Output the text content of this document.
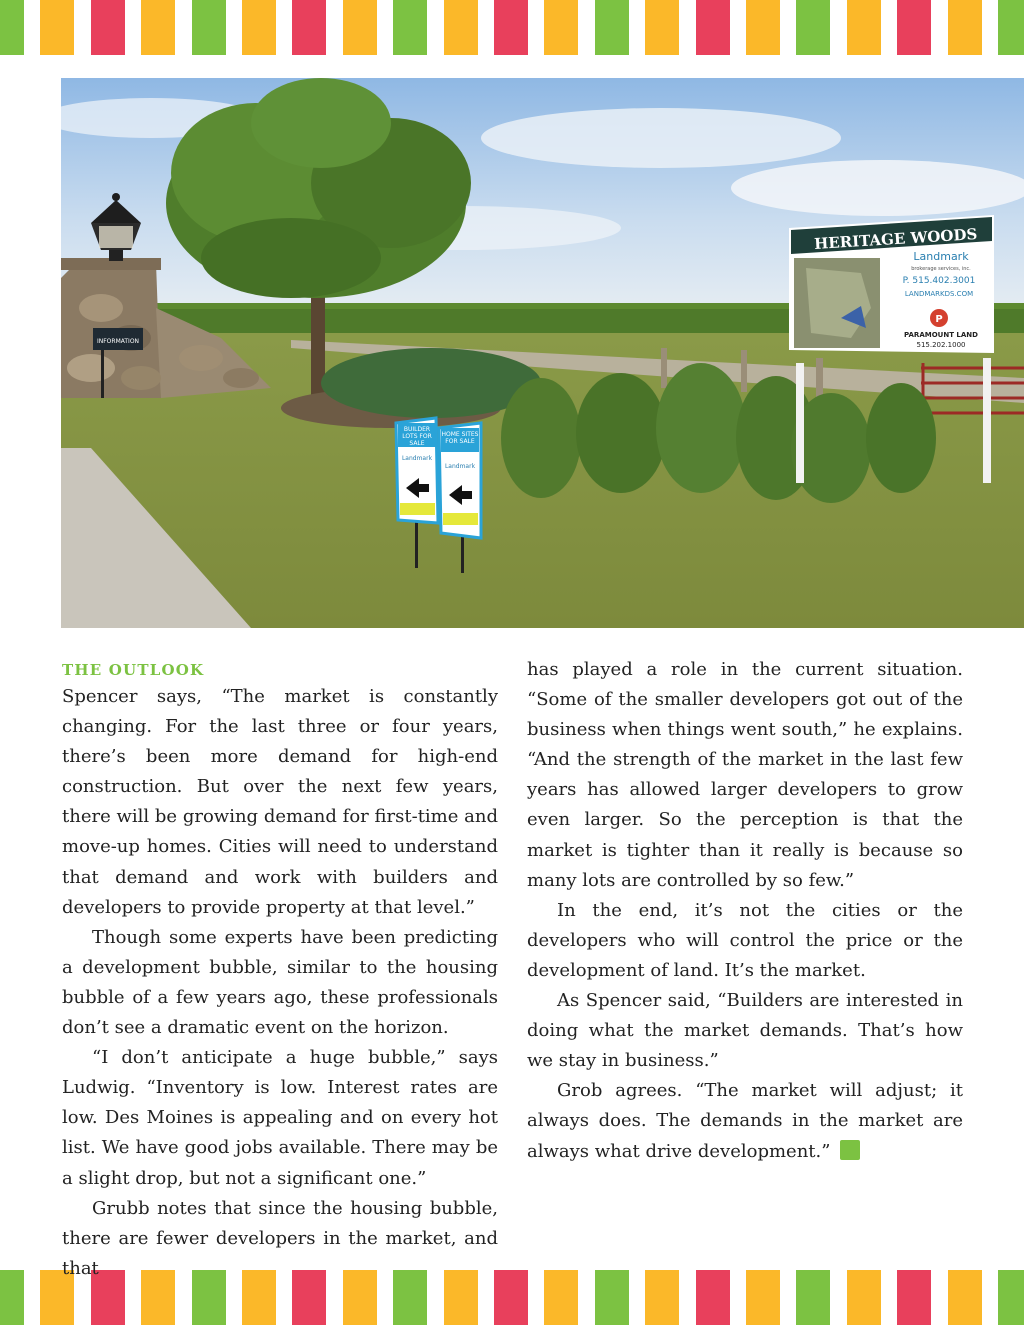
INFORMATION
HERITAGE WOODS
Landmark
brokerage services, inc.
P. 515.402.3001
LANDMARKDS.COM
P
PARAMOUNT LAND
515.202.1000
BUILDER LOTS FOR SALE
Landmark
HOME SITES FOR SALE
Landmark
THE OUTLOOK

Spencer says, “The market is constantly changing. For the last three or four years, there’s been more demand for high-end construction. But over the next few years, there will be growing demand for first-time and move-up homes. Cities will need to understand that demand and work with builders and developers to provide property at that level.”

Though some experts have been predicting a development bubble, similar to the housing bubble of a few years ago, these professionals don’t see a dramatic event on the horizon.

“I don’t anticipate a huge bubble,” says Ludwig. “Inventory is low. Interest rates are low. Des Moines is appealing and on every hot list. We have good jobs available. There may be a slight drop, but not a significant one.”

Grubb notes that since the housing bubble, there are fewer developers in the market, and that

has played a role in the current situation. “Some of the smaller developers got out of the business when things went south,” he explains. “And the strength of the market in the last few years has allowed larger developers to grow even larger. So the perception is that the market is tighter than it really is because so many lots are controlled by so few.”

In the end, it’s not the cities or the developers who will control the price or the development of land. It’s the market.

As Spencer said, “Builders are interested in doing what the market demands. That’s how we stay in business.”

Grob agrees. “The market will adjust; it always does. The demands in the market are always what drive development.”	B
